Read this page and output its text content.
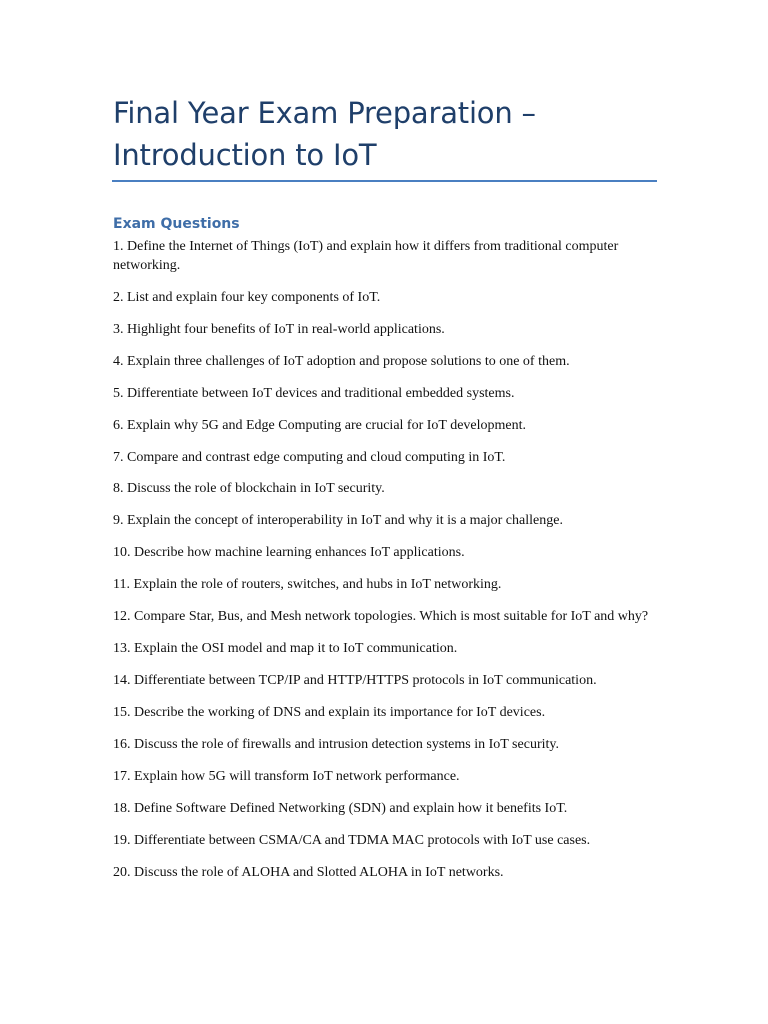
Final Year Exam Preparation –
Introduction to IoT
Exam Questions
1. Define the Internet of Things (IoT) and explain how it differs from traditional computer networking.
2. List and explain four key components of IoT.
3. Highlight four benefits of IoT in real-world applications.
4. Explain three challenges of IoT adoption and propose solutions to one of them.
5. Differentiate between IoT devices and traditional embedded systems.
6. Explain why 5G and Edge Computing are crucial for IoT development.
7. Compare and contrast edge computing and cloud computing in IoT.
8. Discuss the role of blockchain in IoT security.
9. Explain the concept of interoperability in IoT and why it is a major challenge.
10. Describe how machine learning enhances IoT applications.
11. Explain the role of routers, switches, and hubs in IoT networking.
12. Compare Star, Bus, and Mesh network topologies. Which is most suitable for IoT and why?
13. Explain the OSI model and map it to IoT communication.
14. Differentiate between TCP/IP and HTTP/HTTPS protocols in IoT communication.
15. Describe the working of DNS and explain its importance for IoT devices.
16. Discuss the role of firewalls and intrusion detection systems in IoT security.
17. Explain how 5G will transform IoT network performance.
18. Define Software Defined Networking (SDN) and explain how it benefits IoT.
19. Differentiate between CSMA/CA and TDMA MAC protocols with IoT use cases.
20. Discuss the role of ALOHA and Slotted ALOHA in IoT networks.
